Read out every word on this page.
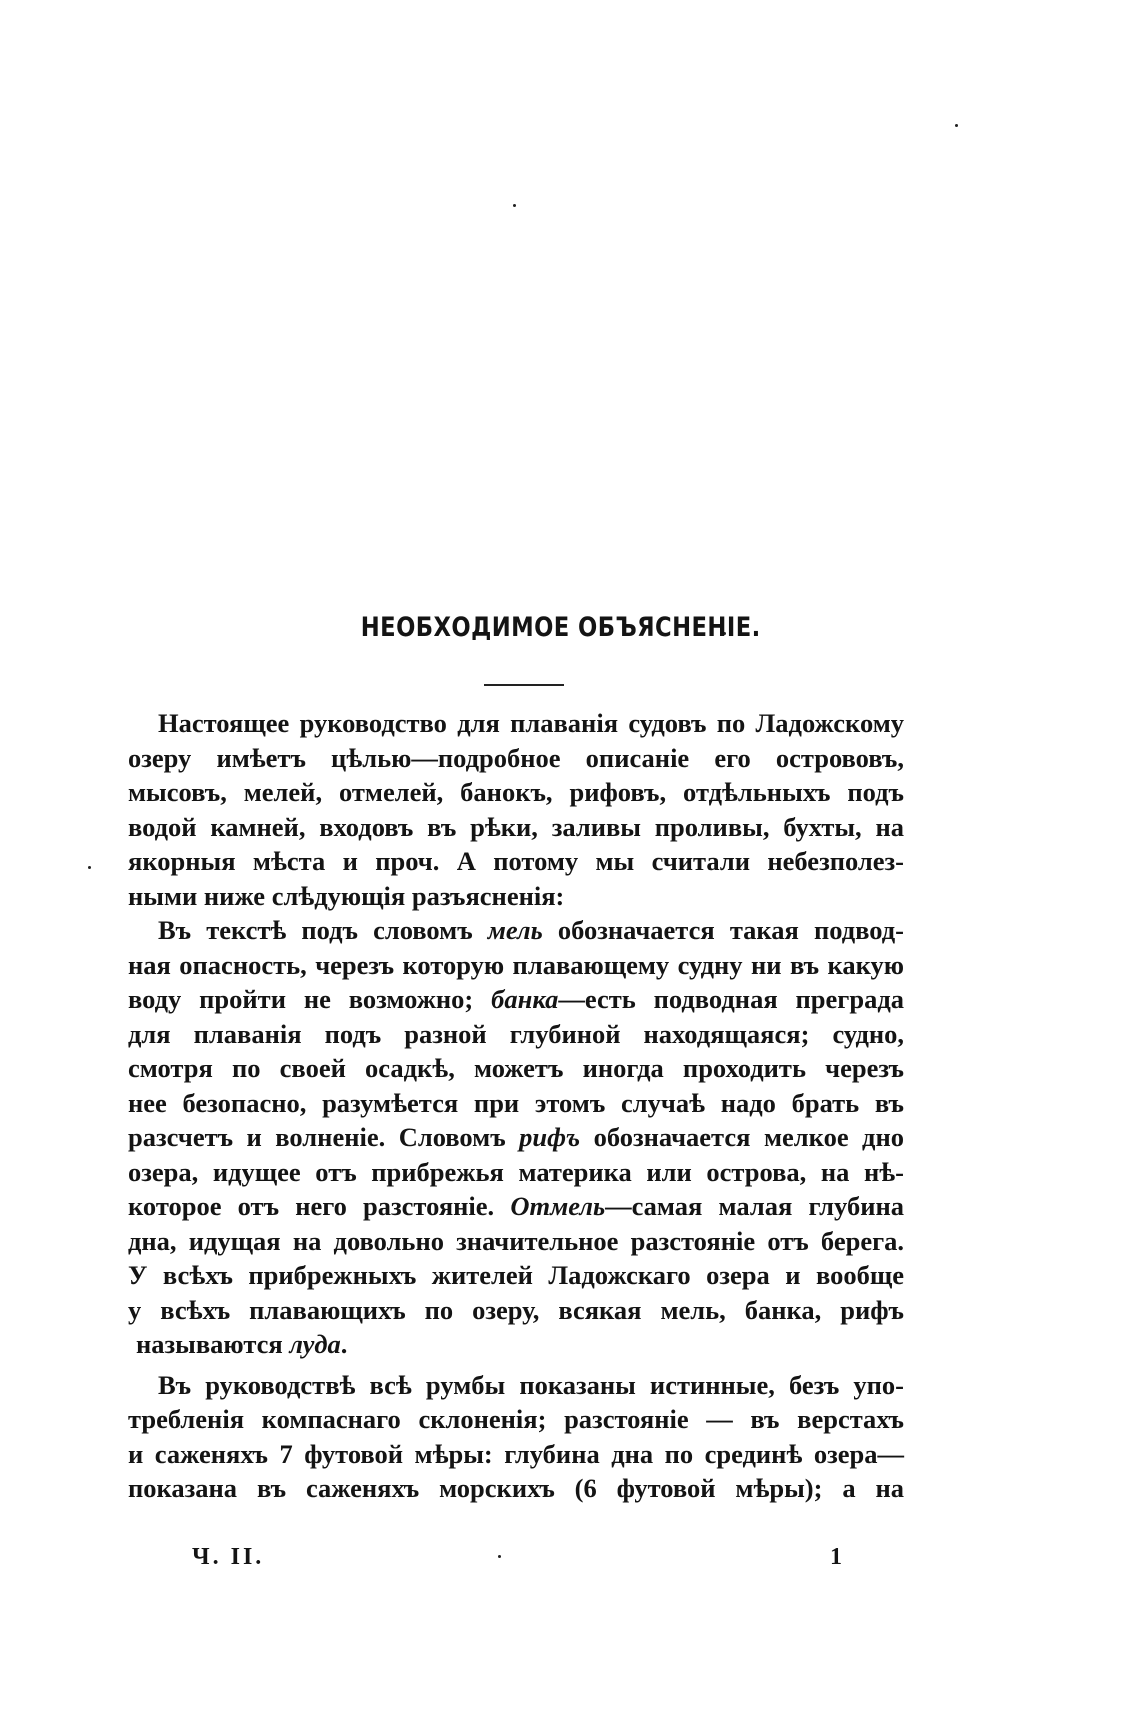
НЕОБХОДИМОЕ ОБЪЯСНЕНІЕ.
Настоящее руководство для плаванія судовъ по Ладожскому
озеру имѣетъ цѣлью—подробное описаніе его острововъ,
мысовъ, мелей, отмелей, банокъ, рифовъ, отдѣльныхъ подъ
водой камней, входовъ въ рѣки, заливы проливы, бухты, на
якорныя мѣста и проч. А потому мы считали небезполез-
ными ниже слѣдующія разъясненія:
Въ текстѣ подъ словомъ мель обозначается такая подвод-
ная опасность, черезъ которую плавающему судну ни въ какую
воду пройти не возможно; банка—есть подводная преграда
для плаванія подъ разной глубиной находящаяся; судно,
смотря по своей осадкѣ, можетъ иногда проходить черезъ
нее безопасно, разумѣется при этомъ случаѣ надо брать въ
разсчетъ и волненіе. Словомъ рифъ обозначается мелкое дно
озера, идущее отъ прибрежья материка или острова, на нѣ-
которое отъ него разстояніе. Отмель—самая малая глубина
дна, идущая на довольно значительное разстояніе отъ берега.
У всѣхъ прибрежныхъ жителей Ладожскаго озера и вообще
у всѣхъ плавающихъ по озеру, всякая мель, банка, рифъ
называются луда.
Въ руководствѣ всѣ румбы показаны истинные, безъ упо-
требленія компаснаго склоненія; разстояніе — въ верстахъ
и саженяхъ 7 футовой мѣры: глубина дна по срединѣ озера—
показана въ саженяхъ морскихъ (6 футовой мѣры); а на
Ч. II.	1
